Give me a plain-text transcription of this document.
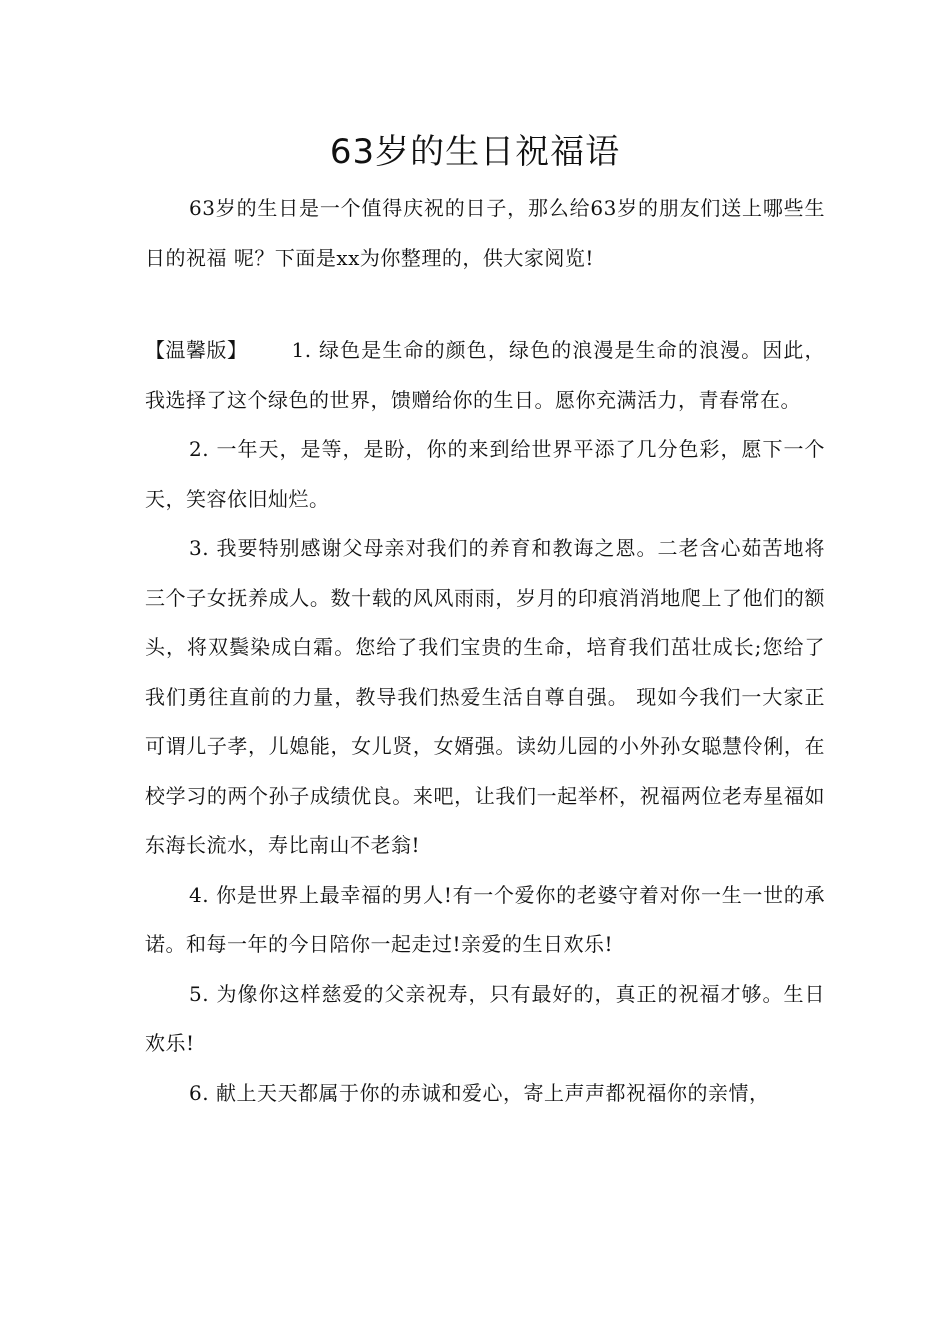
63岁的生日祝福语

63岁的生日是一个值得庆祝的日子，那么给63岁的朋友们送上哪些生日的祝福 呢？下面是xx为你整理的，供大家阅览!

【温馨版】 1. 绿色是生命的颜色，绿色的浪漫是生命的浪漫。因此，我选择了这个绿色的世界，馈赠给你的生日。愿你充满活力，青春常在。

2. 一年天，是等，是盼，你的来到给世界平添了几分色彩，愿下一个天，笑容依旧灿烂。

3. 我要特别感谢父母亲对我们的养育和教诲之恩。二老含心茹苦地将三个子女抚养成人。数十载的风风雨雨，岁月的印痕消消地爬上了他们的额头，将双鬓染成白霜。您给了我们宝贵的生命，培育我们茁壮成长;您给了我们勇往直前的力量，教导我们热爱生活自尊自强。 现如今我们一大家正可谓儿子孝，儿媳能，女儿贤，女婿强。读幼儿园的小外孙女聪慧伶俐，在校学习的两个孙子成绩优良。来吧，让我们一起举杯，祝福两位老寿星福如东海长流水，寿比南山不老翁!

4. 你是世界上最幸福的男人!有一个爱你的老婆守着对你一生一世的承诺。和每一年的今日陪你一起走过!亲爱的生日欢乐!

5. 为像你这样慈爱的父亲祝寿，只有最好的，真正的祝福才够。生日欢乐!

6. 献上天天都属于你的赤诚和爱心，寄上声声都祝福你的亲情，
